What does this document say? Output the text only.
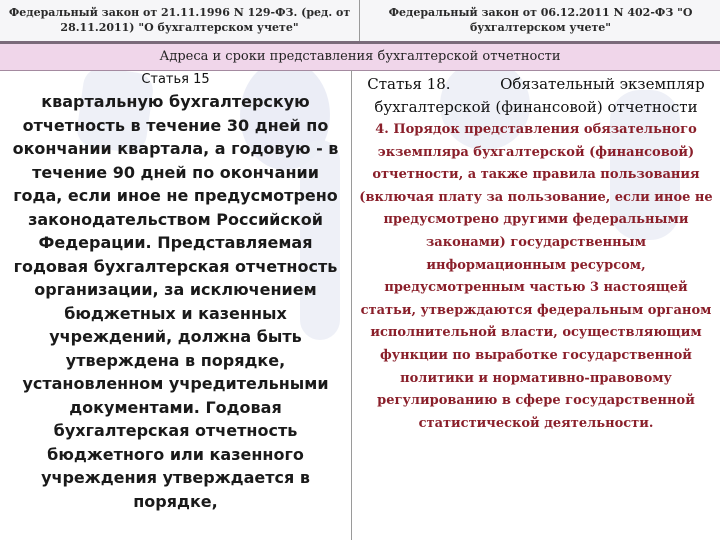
Федеральный закон от 21.11.1996 N 129-ФЗ. (ред. от 28.11.2011) "О бухгалтерском учете"
Федеральный закон от 06.12.2011 N 402-ФЗ "О бухгалтерском учете"
Адреса и сроки представления бухгалтерской отчетности
Статья 15
квартальную бухгалтерскую отчетность в течение 30 дней по окончании квартала, а годовую - в течение 90 дней по окончании года, если иное не предусмотрено законодательством Российской Федерации. Представляемая годовая бухгалтерская отчетность организации, за исключением бюджетных и казенных учреждений, должна быть утверждена в порядке, установленном учредительными документами. Годовая бухгалтерская отчетность бюджетного или казенного учреждения утверждается в порядке,
Статья 18.	Обязательный экземпляр бухгалтерской (финансовой) отчетности
4. Порядок представления обязательного экземпляра бухгалтерской (финансовой) отчетности, а также правила пользования (включая плату за пользование, если иное не предусмотрено другими федеральными законами) государственным информационным ресурсом, предусмотренным частью 3 настоящей статьи, утверждаются федеральным органом исполнительной власти, осуществляющим функции по выработке государственной политики и нормативно-правовому регулированию в сфере государственной статистической деятельности.
